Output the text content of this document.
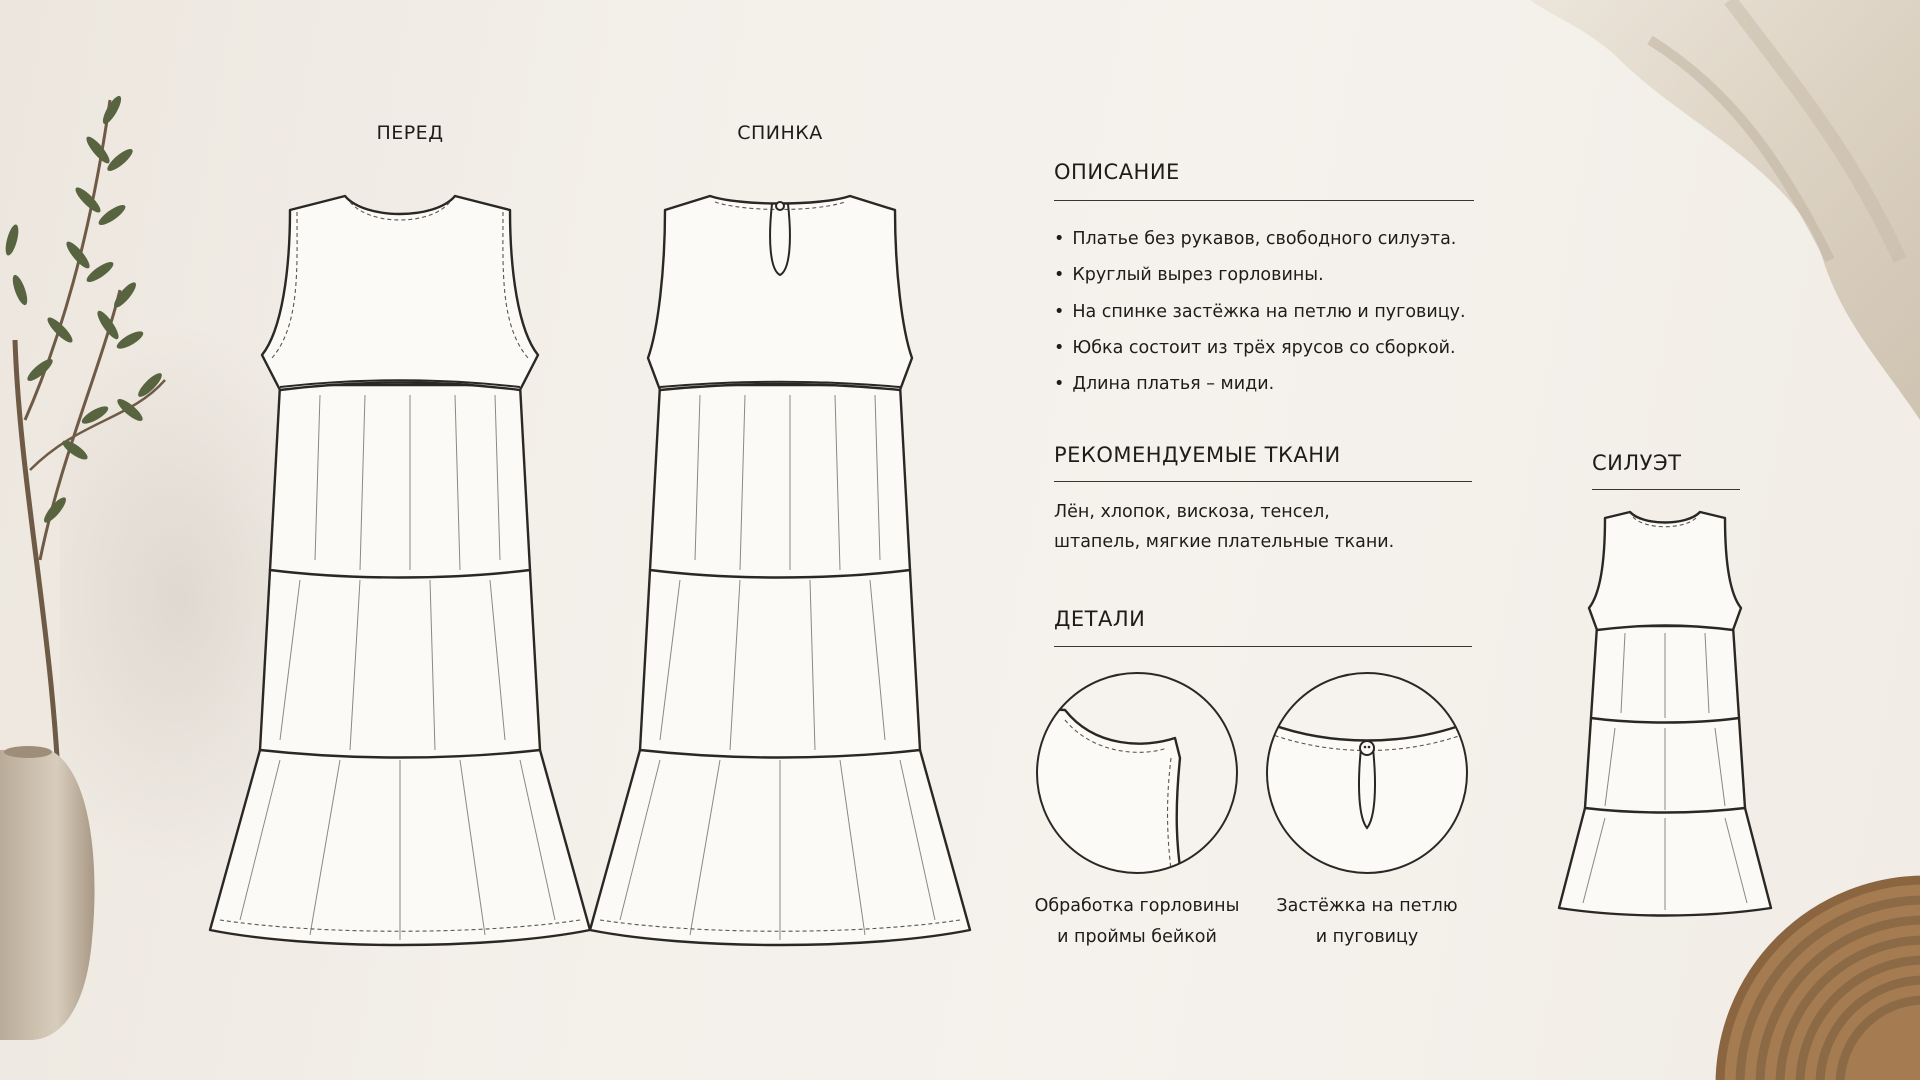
ПЕРЕД	СПИНКА
ОПИСАНИЕ
• Платье без рукавов, свободного силуэта.
• Круглый вырез горловины.
• На спинке застёжка на петлю и пуговицу.
• Юбка состоит из трёх ярусов со сборкой.
• Длина платья – миди.
РЕКОМЕНДУЕМЫЕ ТКАНИ
Лён, хлопок, вискоза, тенсел,
штапель, мягкие плательные ткани.
ДЕТАЛИ
Обработка горловины
и проймы бейкой
Застёжка на петлю
и пуговицу
СИЛУЭТ
